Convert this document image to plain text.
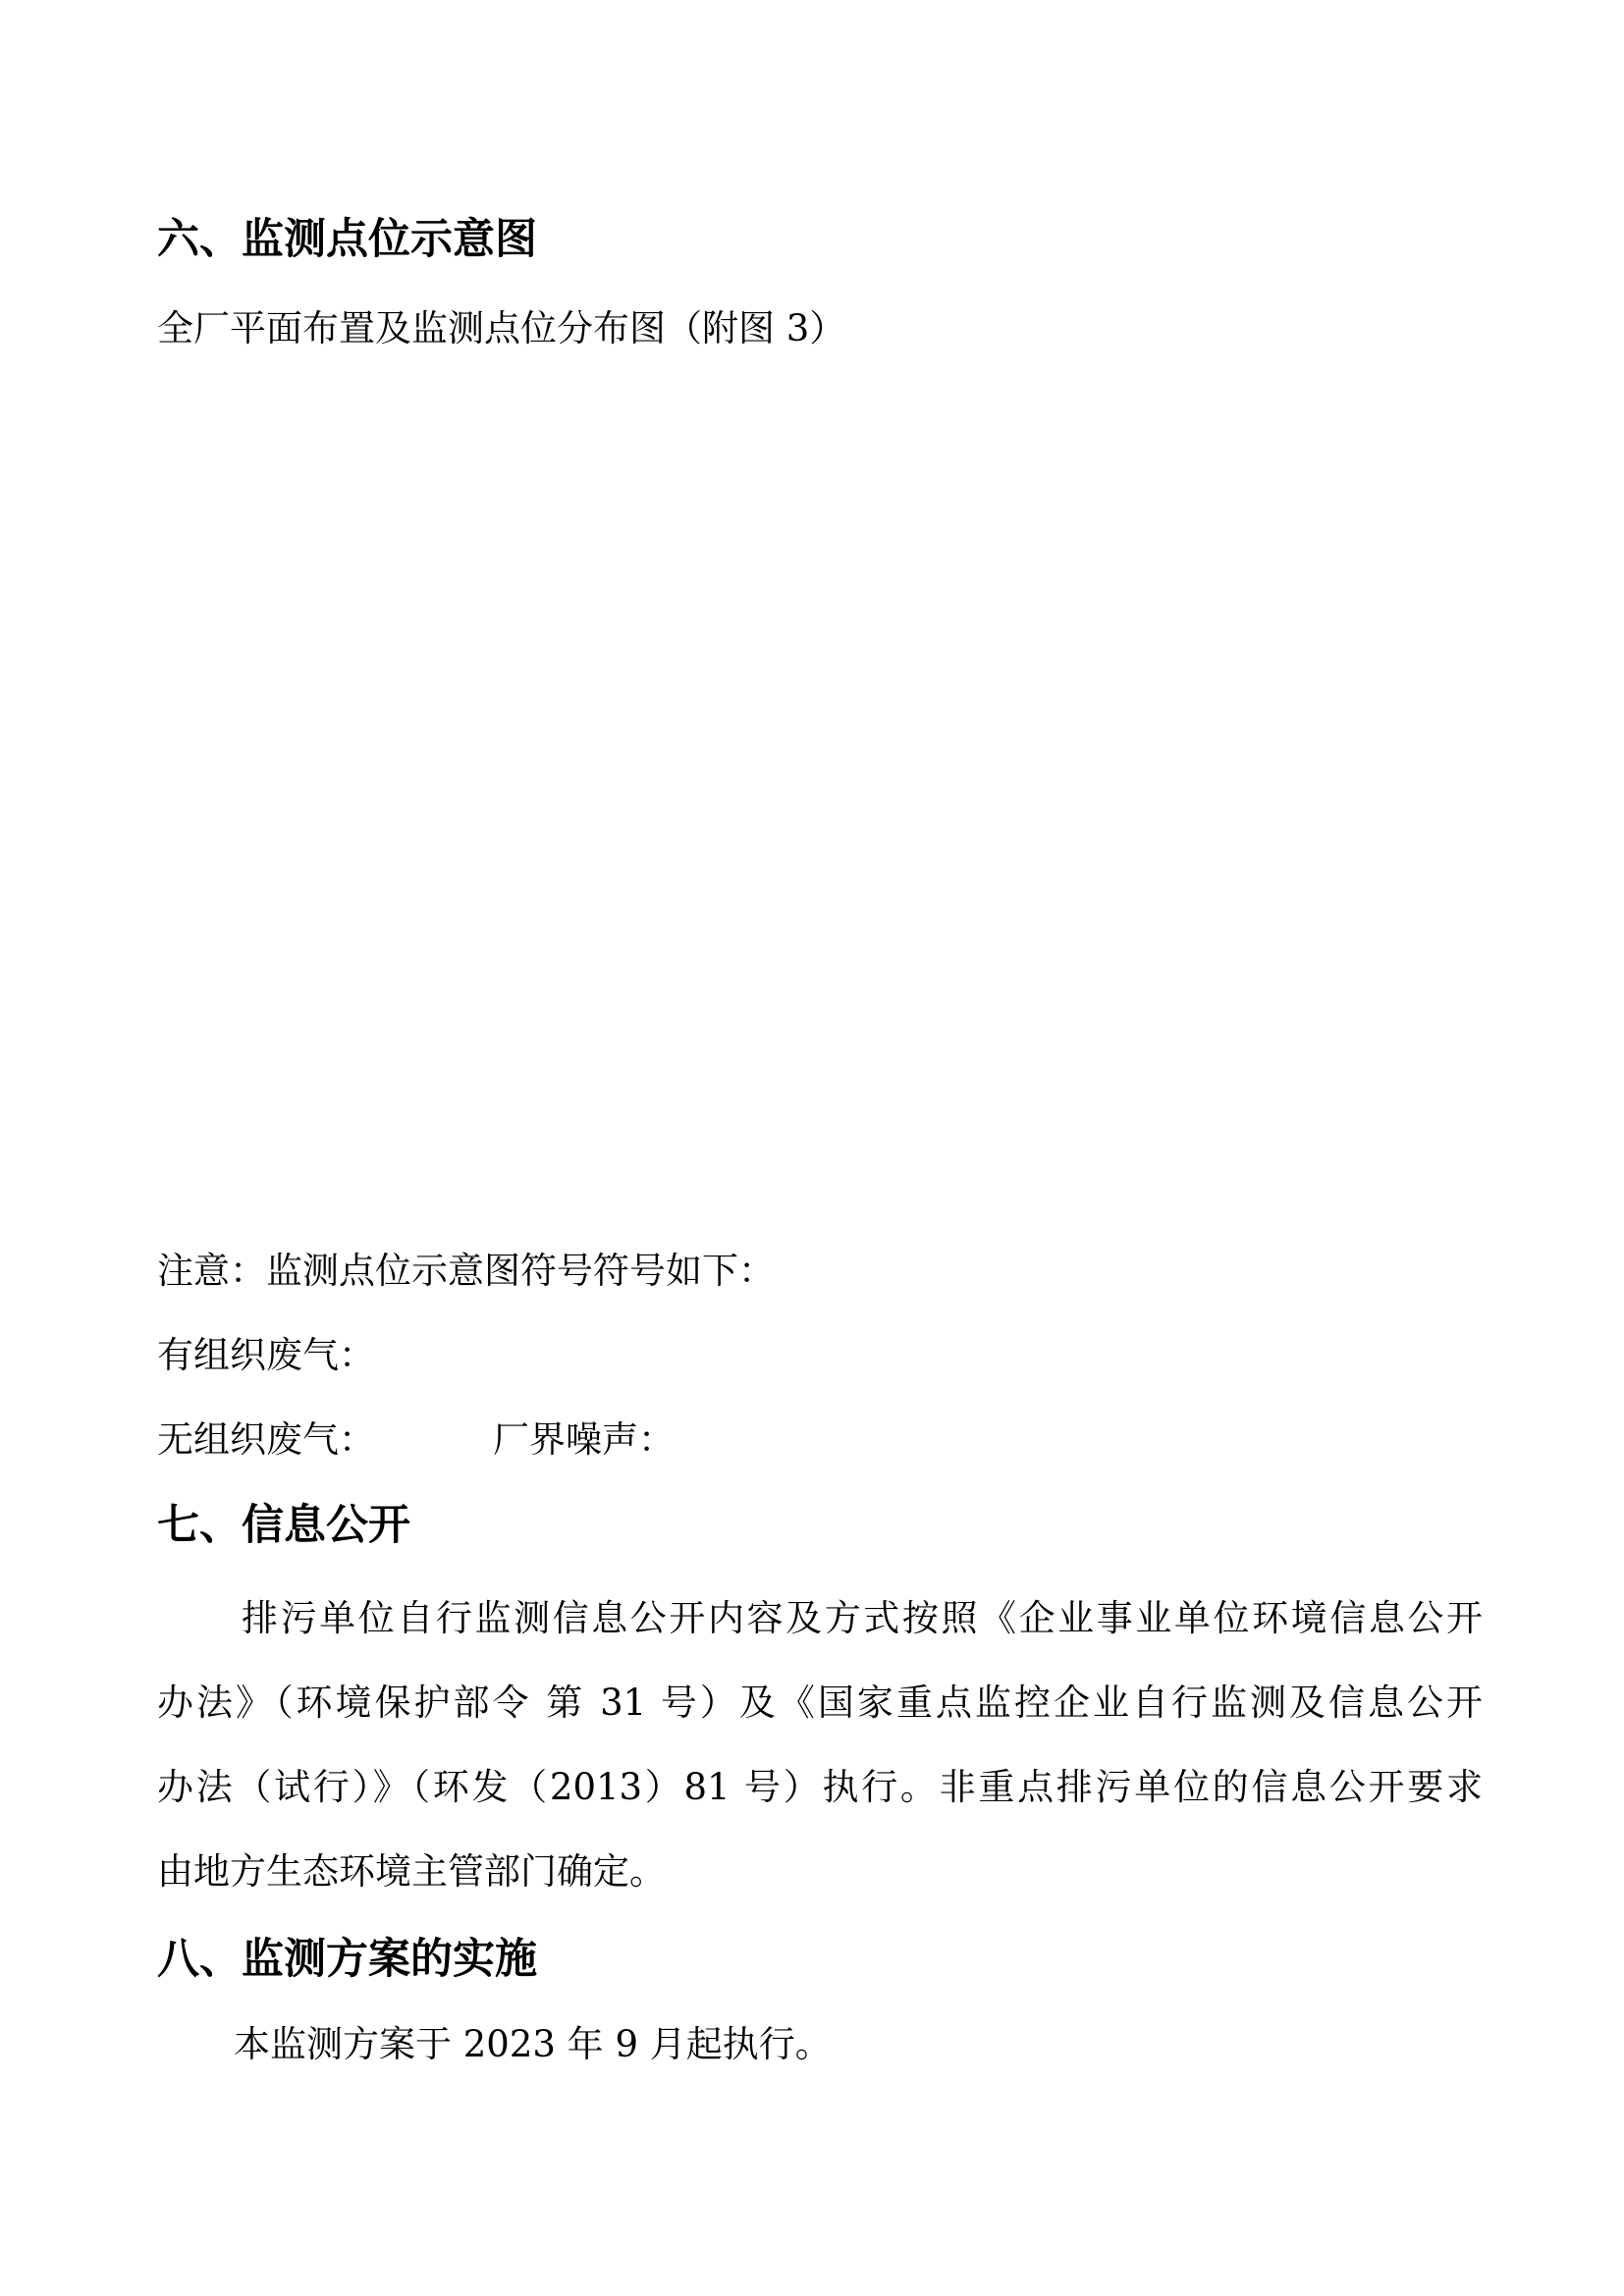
六、监测点位示意图
全厂平面布置及监测点位分布图（附图 3）
注意：监测点位示意图符号符号如下：
有组织废气：
无组织废气：	厂界噪声：
七、信息公开
排污单位自行监测信息公开内容及方式按照《企业事业单位环境信息公开
办法》（环境保护部令 第 31 号）及《国家重点监控企业自行监测及信息公开
办法（试行）》（环发（2013）81 号）执行。非重点排污单位的信息公开要求
由地方生态环境主管部门确定。
八、监测方案的实施
本监测方案于 2023 年 9 月起执行。
